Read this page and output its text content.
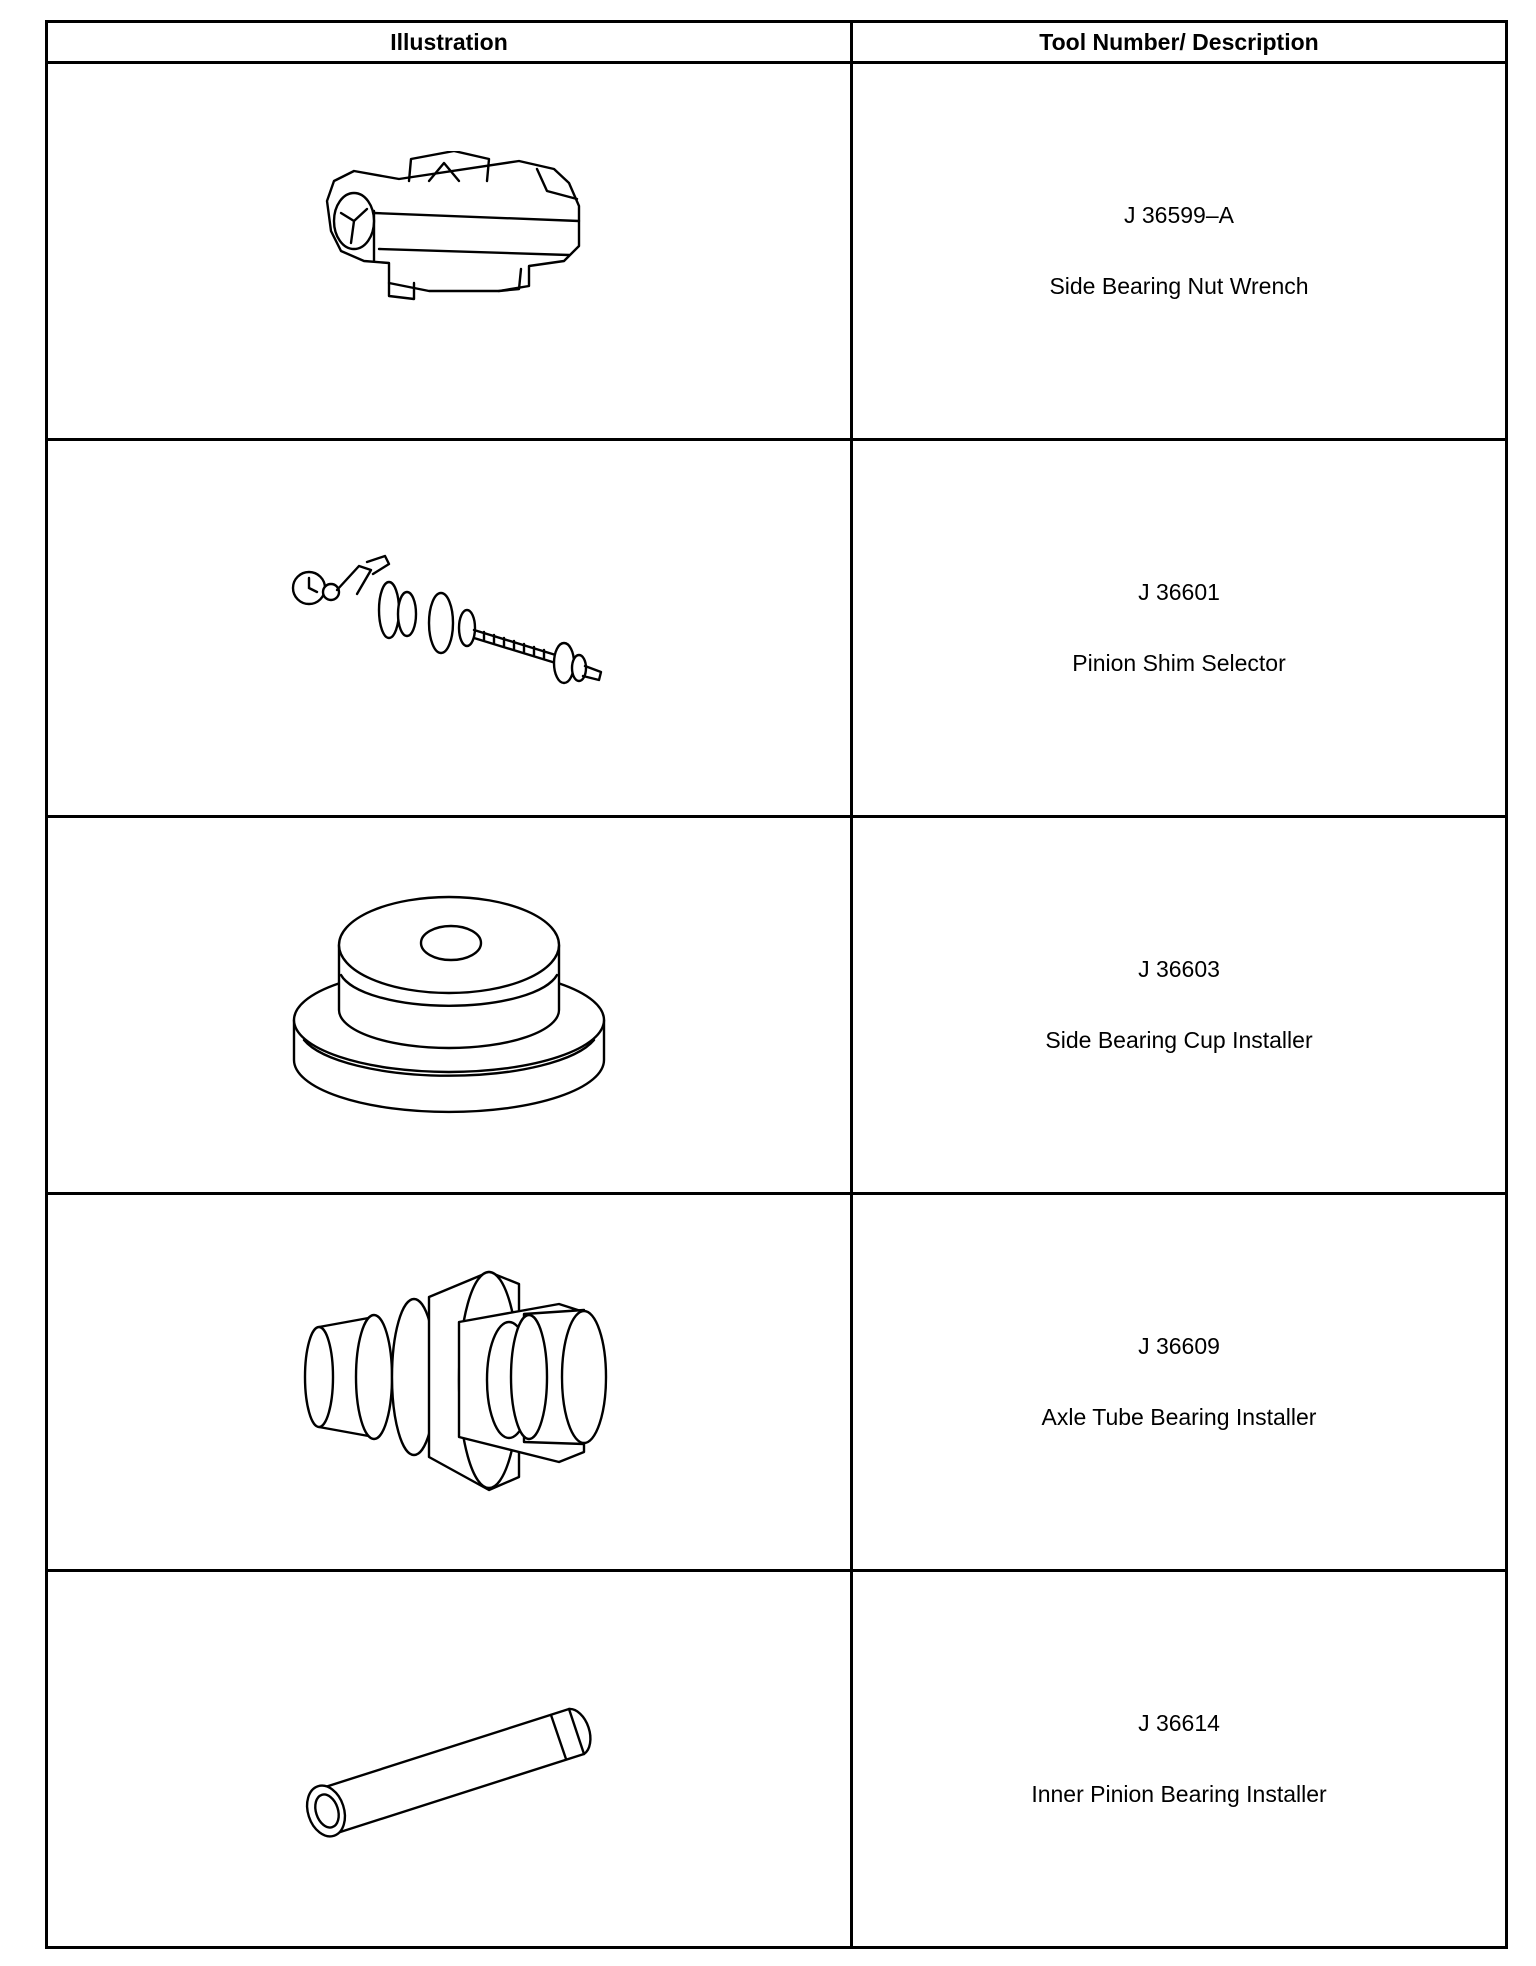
Illustration	Tool Number/ Description

J 36599–A
Side Bearing Nut Wrench

J 36601
Pinion Shim Selector

J 36603
Side Bearing Cup Installer

J 36609
Axle Tube Bearing Installer

J 36614
Inner Pinion Bearing Installer
